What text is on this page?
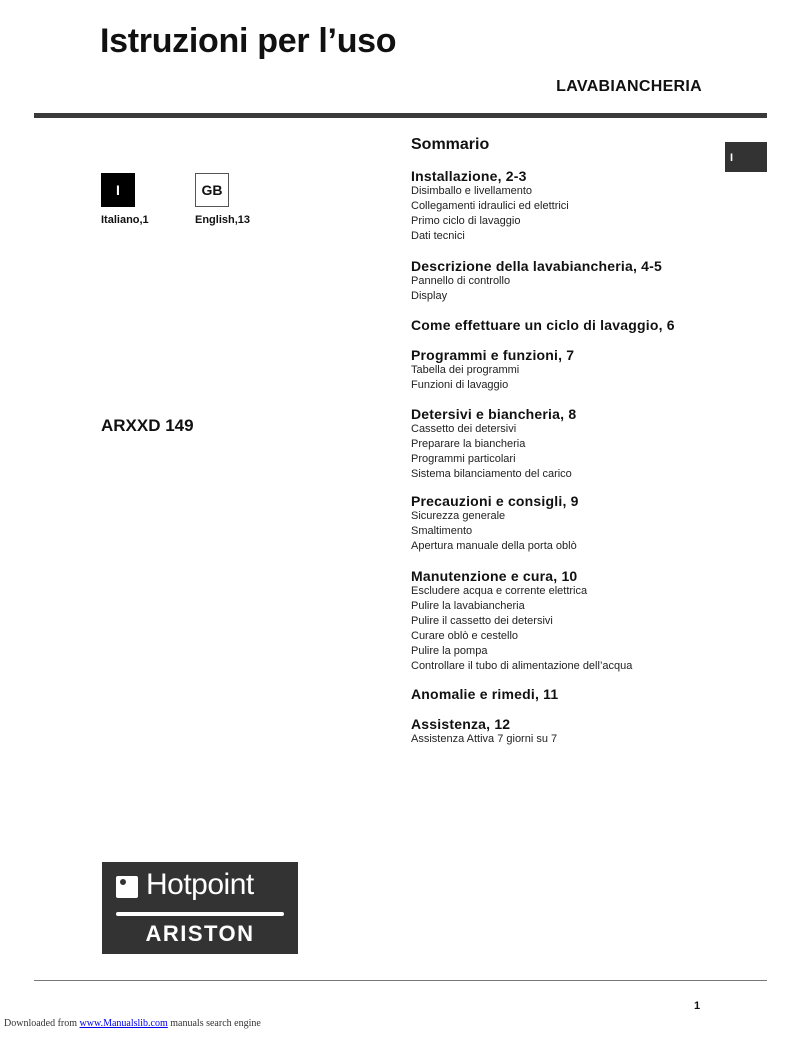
Istruzioni per l’uso
LAVABIANCHERIA
I
I	GB
Italiano,1	English,13
ARXXD 149
Sommario
Installazione, 2-3
Disimballo e livellamento
Collegamenti idraulici ed elettrici
Primo ciclo di lavaggio
Dati tecnici
Descrizione della lavabiancheria, 4-5
Pannello di controllo
Display
Come effettuare un ciclo di lavaggio, 6
Programmi e funzioni, 7
Tabella dei programmi
Funzioni di lavaggio
Detersivi e biancheria, 8
Cassetto dei detersivi
Preparare la biancheria
Programmi particolari
Sistema bilanciamento del carico
Precauzioni e consigli, 9
Sicurezza generale
Smaltimento
Apertura manuale della porta oblò
Manutenzione e cura, 10
Escludere acqua e corrente elettrica
Pulire la lavabiancheria
Pulire il cassetto dei detersivi
Curare oblò e cestello
Pulire la pompa
Controllare il tubo di alimentazione dell’acqua
Anomalie e rimedi, 11
Assistenza, 12
Assistenza Attiva 7 giorni su 7
Hotpoint
ARISTON
1
Downloaded from www.Manualslib.com manuals search engine
